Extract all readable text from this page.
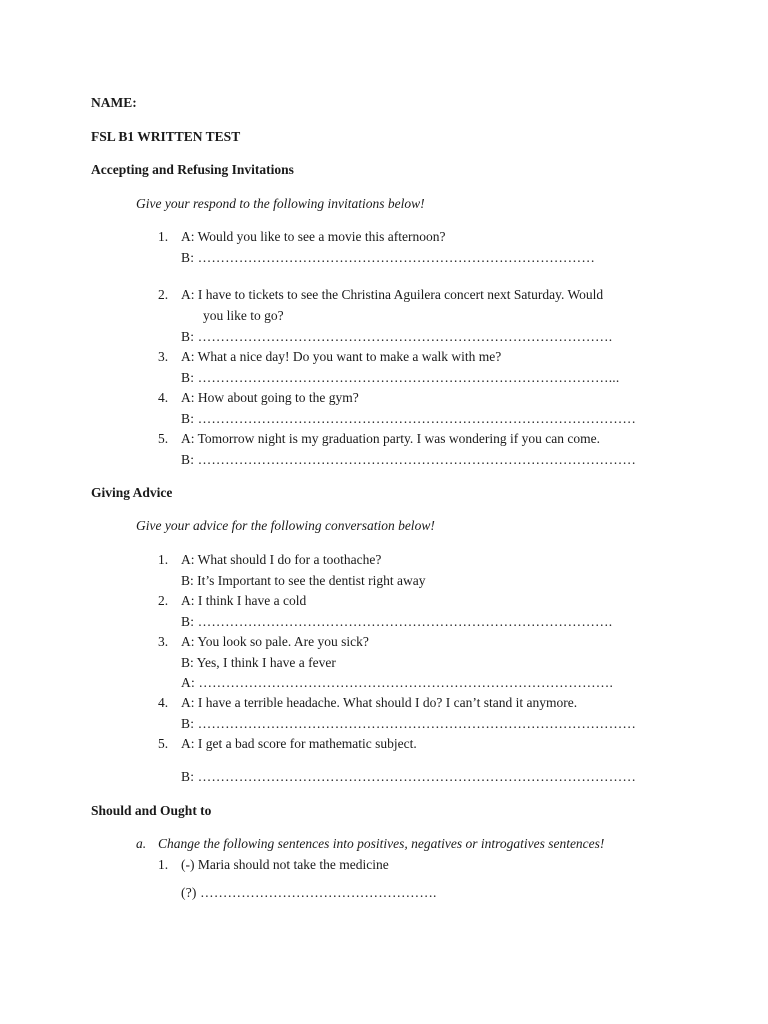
NAME:
FSL B1 WRITTEN TEST
Accepting and Refusing Invitations
Give your respond to the following invitations below!
1. A: Would you like to see a movie this afternoon?
B: ……………………………………………………………………………
2. A: I have to tickets to see the Christina Aguilera concert next Saturday. Would
you like to go?
B: ……………………………………………………………………………….
3. A: What a nice day! Do you want to make a walk with me?
B: ………………………………………………………………………………...
4. A: How about going to the gym?
B: ……………………………………………………………………………………
5. A: Tomorrow night is my graduation party. I was wondering if you can come.
B: ……………………………………………………………………………………
Giving Advice
Give your advice for the following conversation below!
1. A: What should I do for a toothache?
B: It’s Important to see the dentist right away
2. A: I think I have a cold
B: ……………………………………………………………………………….
3. A: You look so pale. Are you sick?
B: Yes, I think I have a fever
A: ……………………………………………………………………………….
4. A: I have a terrible headache. What should I do? I can’t stand it anymore.
B: ……………………………………………………………………………………
5. A: I get a bad score for mathematic subject.
B: ……………………………………………………………………………………
Should and Ought to
a. Change the following sentences into positives, negatives or introgatives sentences!
1. (-) Maria should not take the medicine
(?) …………………………………………….
